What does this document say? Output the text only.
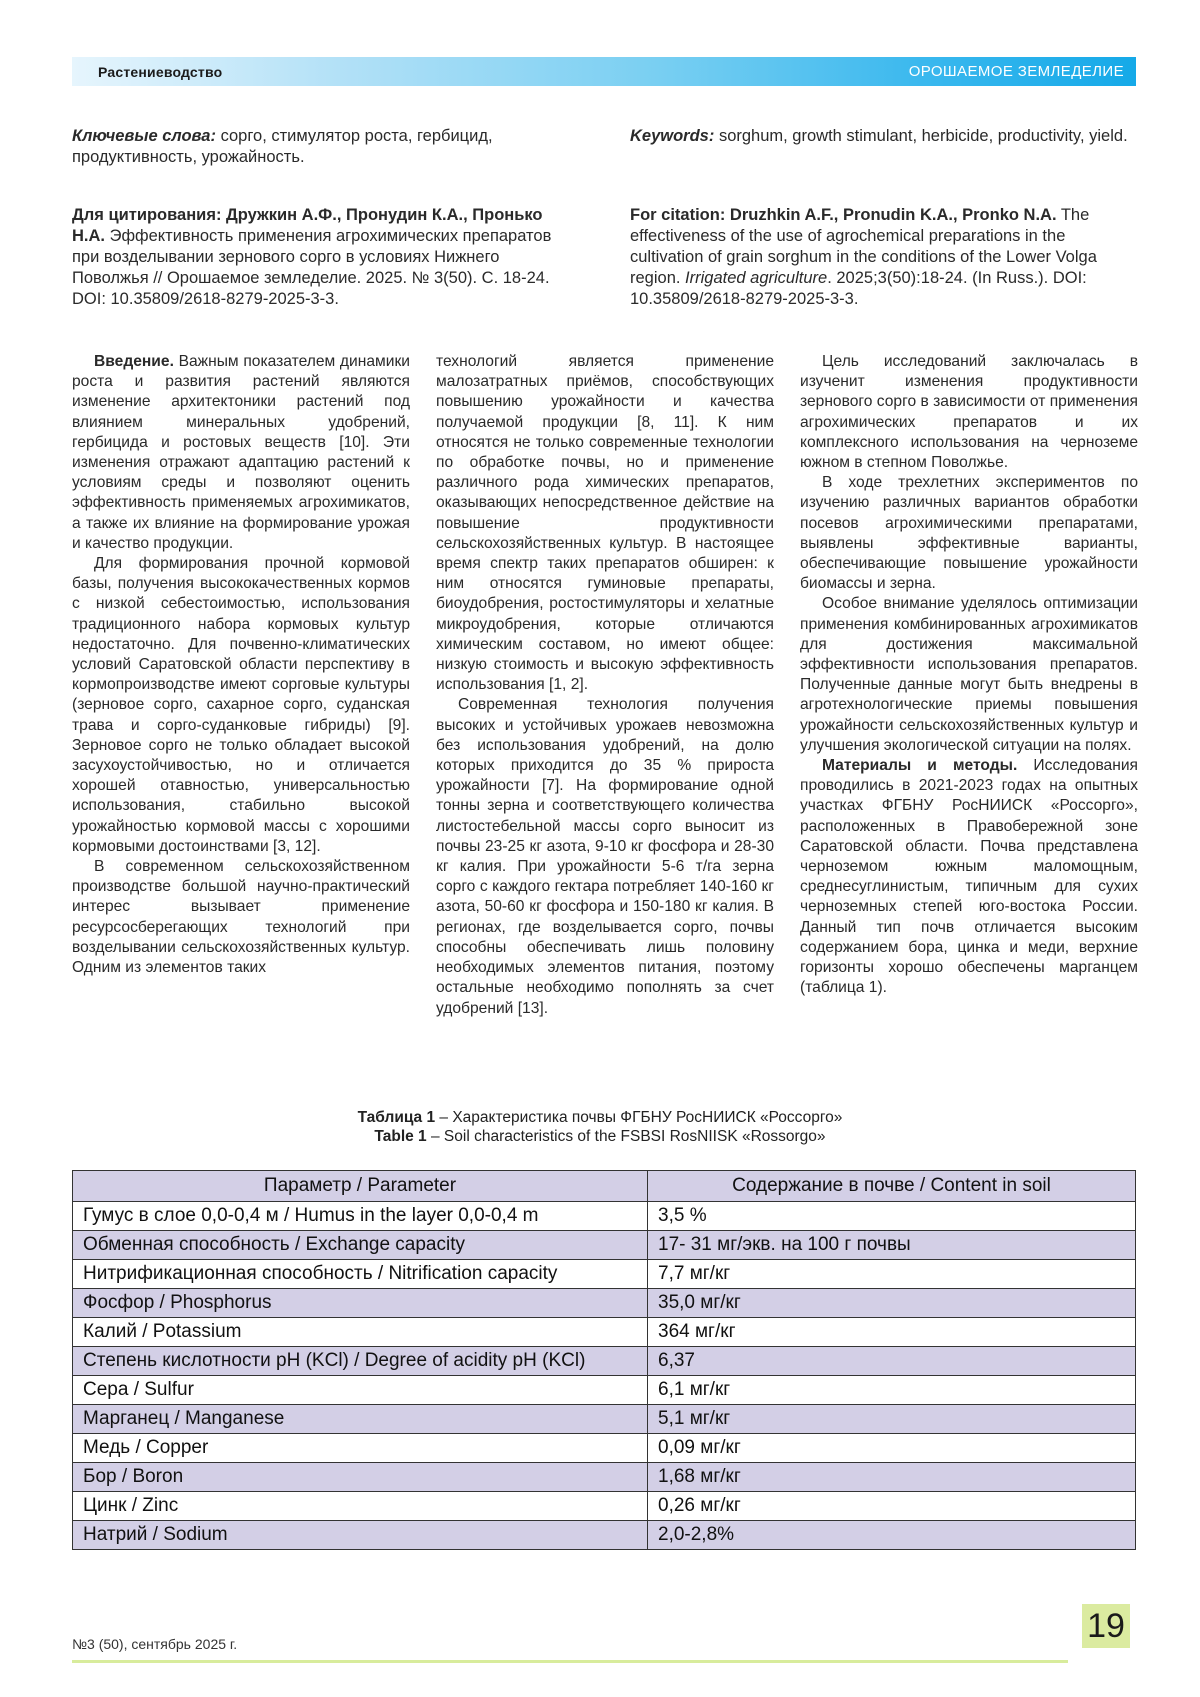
Растениеводство	ОРОШАЕМОЕ ЗЕМЛЕДЕЛИЕ
Ключевые слова: сорго, стимулятор роста, гербицид, продуктивность, урожайность.
Keywords: sorghum, growth stimulant, herbicide, productivity, yield.
Для цитирования: Дружкин А.Ф., Пронудин К.А., Пронько Н.А. Эффективность применения агрохимических препаратов при возделывании зернового сорго в условиях Нижнего Поволжья // Орошаемое земледелие. 2025. № 3(50). С. 18-24. DOI: 10.35809/2618-8279-2025-3-3.
For citation: Druzhkin A.F., Pronudin K.A., Pronko N.A. The effectiveness of the use of agrochemical preparations in the cultivation of grain sorghum in the conditions of the Lower Volga region. Irrigated agriculture. 2025;3(50):18-24. (In Russ.). DOI: 10.35809/2618-8279-2025-3-3.

Введение. Важным показателем динамики роста и развития растений являются изменение архитектоники растений под влиянием минеральных удобрений, гербицида и ростовых веществ [10]. Эти изменения отражают адаптацию растений к условиям среды и позволяют оценить эффективность применяемых агрохимикатов, а также их влияние на формирование урожая и качество продукции.

Для формирования прочной кормовой базы, получения высококачественных кормов с низкой себестоимостью, использования традиционного набора кормовых культур недостаточно. Для почвенно-климатических условий Саратовской области перспективу в кормопроизводстве имеют сорговые культуры (зерновое сорго, сахарное сорго, суданская трава и сорго-суданковые гибриды) [9]. Зерновое сорго не только обладает высокой засухоустойчивостью, но и отличается хорошей отавностью, универсальностью использования, стабильно высокой урожайностью кормовой массы с хорошими кормовыми достоинствами [3, 12].

В современном сельскохозяйственном производстве большой научно-практический интерес вызывает применение ресурсосберегающих технологий при возделывании сельскохозяйственных культур. Одним из элементов таких

технологий является применение малозатратных приёмов, способствующих повышению урожайности и качества получаемой продукции [8, 11]. К ним относятся не только современные технологии по обработке почвы, но и применение различного рода химических препаратов, оказывающих непосредственное действие на повышение продуктивности сельскохозяйственных культур. В настоящее время спектр таких препаратов обширен: к ним относятся гуминовые препараты, биоудобрения, ростостимуляторы и хелатные микроудобрения, которые отличаются химическим составом, но имеют общее: низкую стоимость и высокую эффективность использования [1, 2].

Современная технология получения высоких и устойчивых урожаев невозможна без использования удобрений, на долю которых приходится до 35 % прироста урожайности [7]. На формирование одной тонны зерна и соответствующего количества листостебельной массы сорго выносит из почвы 23-25 кг азота, 9-10 кг фосфора и 28-30 кг калия. При урожайности 5-6 т/га зерна сорго с каждого гектара потребляет 140-160 кг азота, 50-60 кг фосфора и 150-180 кг калия. В регионах, где возделывается сорго, почвы способны обеспечивать лишь половину необходимых элементов питания, поэтому остальные необходимо пополнять за счет удобрений [13].

Цель исследований заключалась в изученит изменения продуктивности зернового сорго в зависимости от применения агрохимических препаратов и их комплексного использования на черноземе южном в степном Поволжье.

В ходе трехлетних экспериментов по изучению различных вариантов обработки посевов агрохимическими препаратами, выявлены эффективные варианты, обеспечивающие повышение урожайности биомассы и зерна.

Особое внимание уделялось оптимизации применения комбинированных агрохимикатов для достижения максимальной эффективности использования препаратов. Полученные данные могут быть внедрены в агротехнологические приемы повышения урожайности сельскохозяйственных культур и улучшения экологической ситуации на полях.

Материалы и методы. Исследования проводились в 2021-2023 годах на опытных участках ФГБНУ РосНИИСК «Россорго», расположенных в Правобережной зоне Саратовской области. Почва представлена черноземом южным маломощным, среднесуглинистым, типичным для сухих черноземных степей юго-востока России. Данный тип почв отличается высоким содержанием бора, цинка и меди, верхние горизонты хорошо обеспечены марганцем (таблица 1).

Таблица 1 – Характеристика почвы ФГБНУ РосНИИСК «Россорго»
Table 1 – Soil characteristics of the FSBSI RosNIISK «Rossorgo»
Параметр / Parameter	Содержание в почве / Content in soil
Гумус в слое 0,0-0,4 м / Humus in the layer 0,0-0,4 m	3,5 %
Обменная способность / Exchange capacity	17- 31 мг/экв. на 100 г почвы
Нитрификационная способность / Nitrification capacity	7,7 мг/кг
Фосфор / Phosphorus	35,0 мг/кг
Калий / Potassium	364 мг/кг
Степень кислотности pH (KCl) / Degree of acidity pH (KCl)	6,37
Сера / Sulfur	6,1 мг/кг
Марганец / Manganese	5,1 мг/кг
Медь / Copper	0,09 мг/кг
Бор / Boron	1,68 мг/кг
Цинк / Zinc	0,26 мг/кг
Натрий / Sodium	2,0-2,8%
№3 (50), сентябрь 2025 г.	19
